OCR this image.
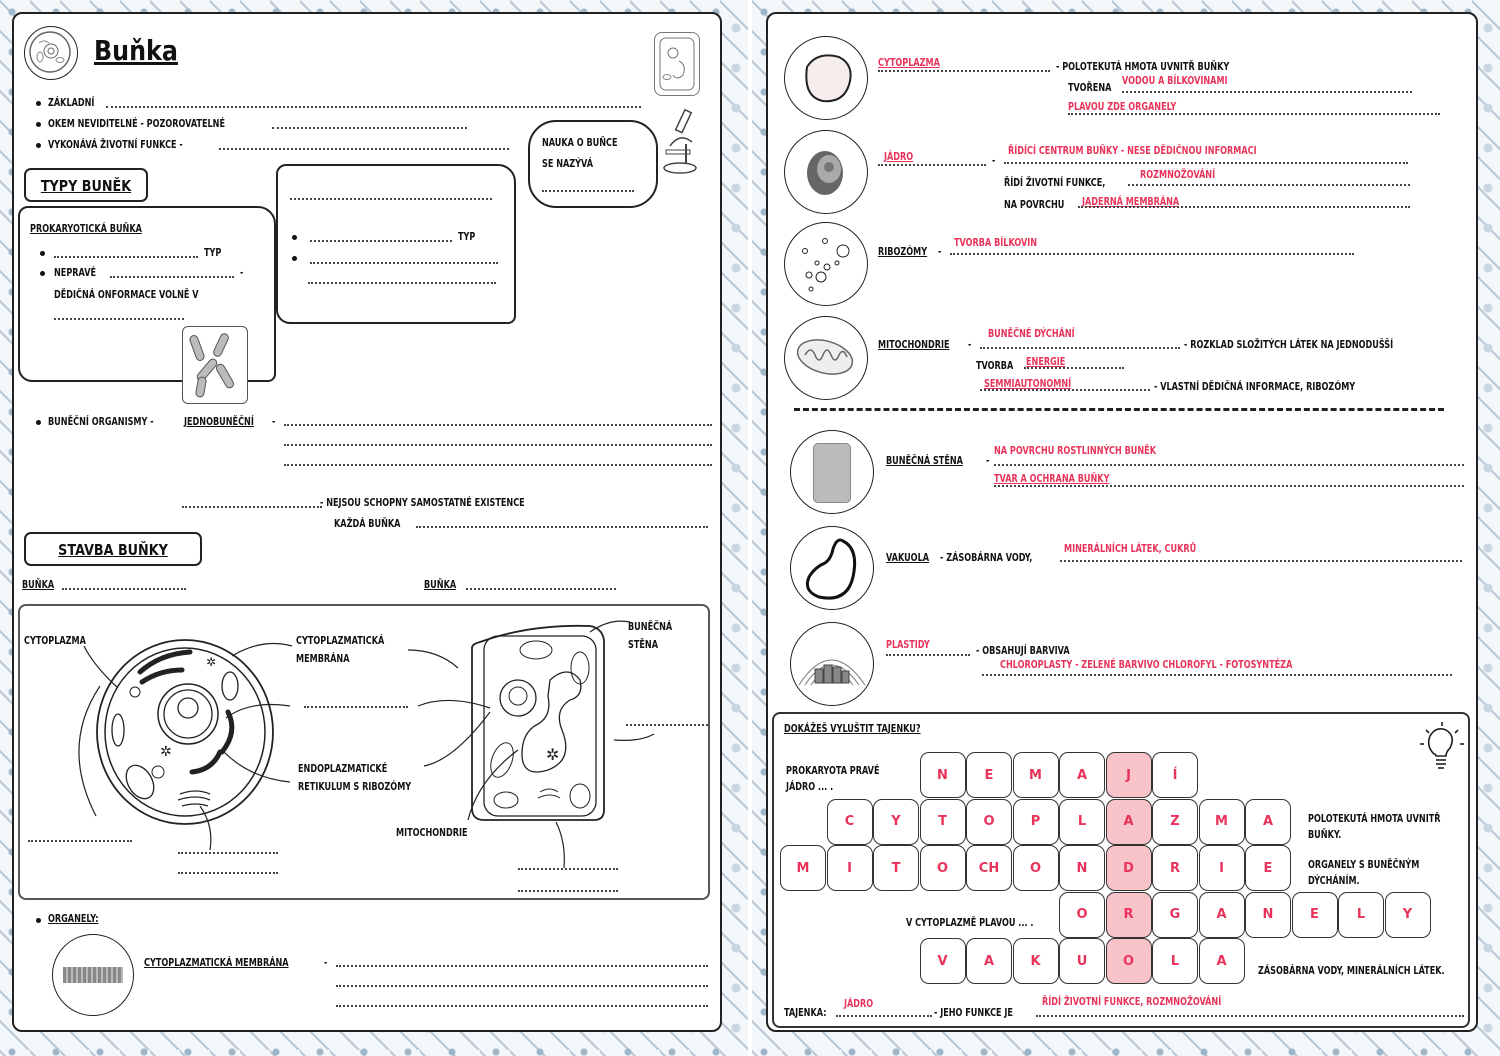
Buňka
ZÁKLADNÍ
OKEM NEVIDITELNÉ - POZOROVATELNÉ
VYKONÁVÁ ŽIVOTNÍ FUNKCE -	NAUKA O BUŇCE
SE NAZÝVÁ
TYPY BUNĚK
PROKARYOTICKÁ BUŇKA
TYP
NEPRAVÉ	-
DĚDIČNÁ ONFORMACE VOLNĚ V
TYP
BUNĚČNÍ ORGANISMY -	JEDNOBUNĚČNÍ -
- NEJSOU SCHOPNY SAMOSTATNÉ EXISTENCE
KAŽDÁ BUŇKA
STAVBA BUŇKY
BUŇKA	BUŇKA
CYTOPLAZMA	CYTOPLAZMATICKÁ
MEMBRÁNA
ENDOPLAZMATICKÉ
RETIKULUM S RIBOZÓMY
MITOCHONDRIE
BUNĚČNÁ
STĚNA
✲
✲	✲
ORGANELY:
CYTOPLAZMATICKÁ MEMBRÁNA	-
CYTOPLAZMA	- POLOTEKUTÁ HMOTA UVNITŘ BUŇKY
TVOŘENA
VODOU A BÍLKOVINAMI
PLAVOU ZDE ORGANELY
JÁDRO	-
ŘÍDÍCÍ CENTRUM BUŇKY - NESE DĚDIČNOU INFORMACI
ŘÍDÍ ŽIVOTNÍ FUNKCE,
ROZMNOŽOVÁNÍ
NA POVRCHU JADERNÁ MEMBRÁNA
RIBOZÓMY -
TVORBA BÍLKOVIN
MITOCHONDRIE -
BUNĚČNÉ DÝCHÁNÍ
- ROZKLAD SLOŽITÝCH LÁTEK NA JEDNODUŠŠÍ
TVORBA ENERGIE
SEMMIAUTONOMNÍ	- VLASTNÍ DĚDIČNÁ INFORMACE, RIBOZÓMY
BUNĚČNÁ STĚNA -
NA POVRCHU ROSTLINNÝCH BUNĚK
TVAR A OCHRANA BUŇKY
VAKUOLA - ZÁSOBÁRNA VODY,
MINERÁLNÍCH LÁTEK, CUKRŮ
PLASTIDY	- OBSAHUJÍ BARVIVA
CHLOROPLASTY - ZELENÉ BARVIVO CHLOROFYL - FOTOSYNTÉZA
DOKÁŽEŠ VYLUŠTIT TAJENKU?
PROKARYOTA PRAVÉ
JÁDRO ... .
POLOTEKUTÁ HMOTA UVNITŘ
BUŇKY.
ORGANELY S BUNĚČNÝM
DÝCHÁNÍM.
V CYTOPLAZMĚ PLAVOU ... .
ZÁSOBÁRNA VODY, MINERÁLNÍCH LÁTEK.
N	E	M	A	J	Í
C	Y	T	O	P	L	A	Z	M	A
M	I	T	O	CH	O	N	D	R	I	E
O	R	G	A	N	E	L	Y
V	A	K	U	O	L	A
TAJENKA:
JÁDRO
- JEHO FUNKCE JE
ŘÍDÍ ŽIVOTNÍ FUNKCE, ROZMNOŽOVÁNÍ
